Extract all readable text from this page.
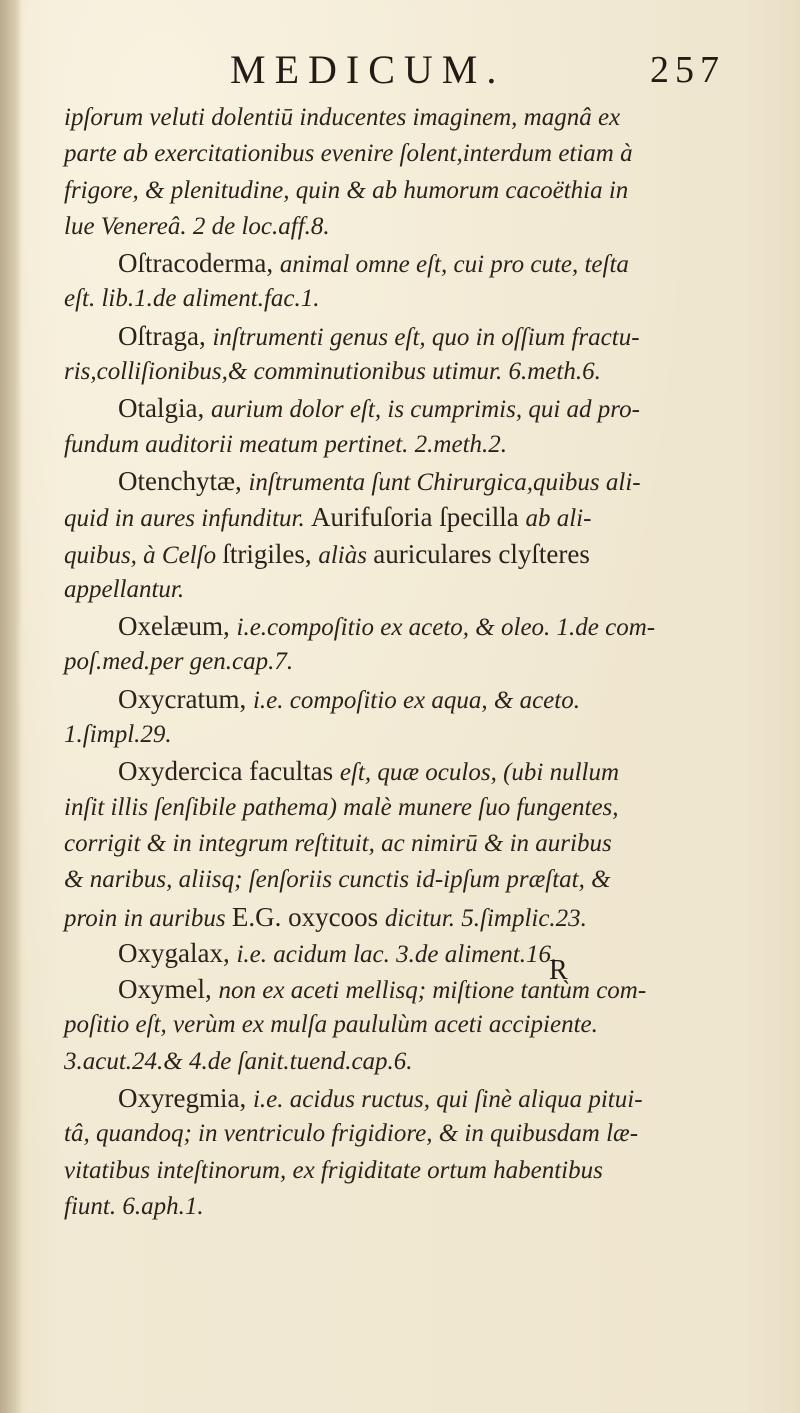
MEDICUM.	257
ipſorum veluti dolentiū inducentes imaginem, magnâ ex
parte ab exercitationibus evenire ſolent,interdum etiam à
frigore, & plenitudine, quin & ab humorum cacoëthia in
lue Venereâ. 2 de loc.aff.8.
Oſtracoderma, animal omne eſt, cui pro cute, teſta
eſt. lib.1.de aliment.fac.1.
Oſtraga, inſtrumenti genus eſt, quo in oſſium fractu-
ris,colliſionibus,& comminutionibus utimur. 6.meth.6.
Otalgia, aurium dolor eſt, is cumprimis, qui ad pro-
fundum auditorii meatum pertinet. 2.meth.2.
Otenchytæ, inſtrumenta ſunt Chirurgica,quibus ali-
quid in aures infunditur. Aurifuſoria ſpecilla ab ali-
quibus, à Celſo ſtrigiles, aliàs auriculares clyſteres
appellantur.
Oxelæum, i.e.compoſitio ex aceto, & oleo. 1.de com-
poſ.med.per gen.cap.7.
Oxycratum, i.e. compoſitio ex aqua, & aceto.
1.ſimpl.29.
Oxydercica facultas eſt, quæ oculos, (ubi nullum
inſit illis ſenſibile pathema) malè munere ſuo fungentes,
corrigit & in integrum reſtituit, ac nimirū & in auribus
& naribus, aliisq; ſenſoriis cunctis id-ipſum præſtat, &
proin in auribus E.G. oxycoos dicitur. 5.ſimplic.23.
Oxygalax, i.e. acidum lac. 3.de aliment.16.
Oxymel, non ex aceti mellisq; miſtione tantùm com-
poſitio eſt, verùm ex mulſa paululùm aceti accipiente.
3.acut.24.& 4.de ſanit.tuend.cap.6.
Oxyregmia, i.e. acidus ructus, qui ſinè aliqua pitui-
tâ, quandoq; in ventriculo frigidiore, & in quibusdam læ-
vitatibus inteſtinorum, ex frigiditate ortum habentibus
fiunt. 6.aph.1.
R
